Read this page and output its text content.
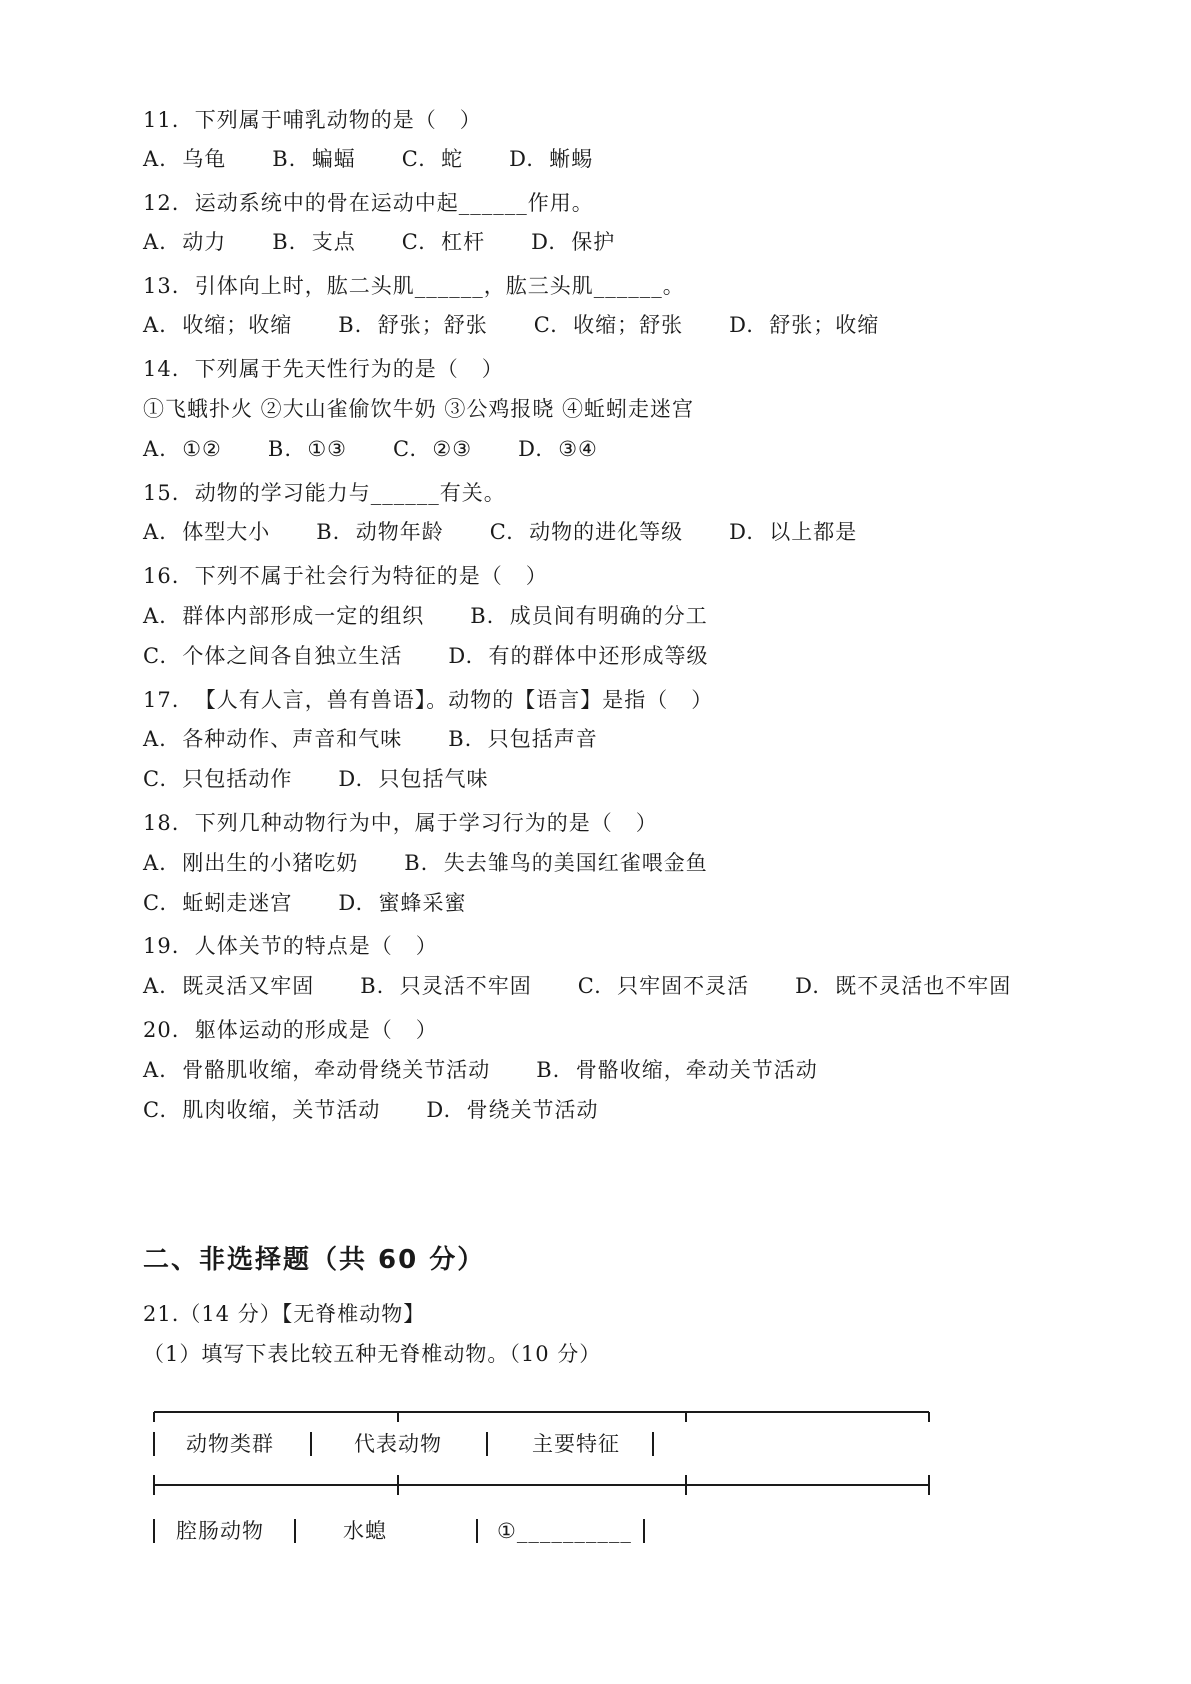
11.  下列属于哺乳动物的是（   ）
A.  乌龟      B.  蝙蝠      C.  蛇      D.  蜥蜴
12.  运动系统中的骨在运动中起______作用。
A.  动力      B.  支点      C.  杠杆      D.  保护
13.  引体向上时，肱二头肌______，肱三头肌______。
A.  收缩；收缩      B.  舒张；舒张      C.  收缩；舒张      D.  舒张；收缩
14.  下列属于先天性行为的是（   ）
①飞蛾扑火 ②大山雀偷饮牛奶 ③公鸡报晓 ④蚯蚓走迷宫
A.  ①②      B.  ①③      C.  ②③      D.  ③④
15.  动物的学习能力与______有关。
A.  体型大小      B.  动物年龄      C.  动物的进化等级      D.  以上都是
16.  下列不属于社会行为特征的是（   ）
A.  群体内部形成一定的组织      B.  成员间有明确的分工
C.  个体之间各自独立生活      D.  有的群体中还形成等级
17.  【人有人言，兽有兽语】。动物的【语言】是指（   ）
A.  各种动作、声音和气味      B.  只包括声音
C.  只包括动作      D.  只包括气味
18.  下列几种动物行为中，属于学习行为的是（   ）
A.  刚出生的小猪吃奶      B.  失去雏鸟的美国红雀喂金鱼
C.  蚯蚓走迷宫      D.  蜜蜂采蜜
19.  人体关节的特点是（   ）
A.  既灵活又牢固      B.  只灵活不牢固      C.  只牢固不灵活      D.  既不灵活也不牢固
20.  躯体运动的形成是（   ）
A.  骨骼肌收缩，牵动骨绕关节活动      B.  骨骼收缩，牵动关节活动
C.  肌肉收缩，关节活动      D.  骨绕关节活动
二、非选择题（共 60 分）
21.（14 分）【无脊椎动物】
（1）填写下表比较五种无脊椎动物。（10 分）
动物类群	代表动物	主要特征
腔肠动物	水螅	①__________
